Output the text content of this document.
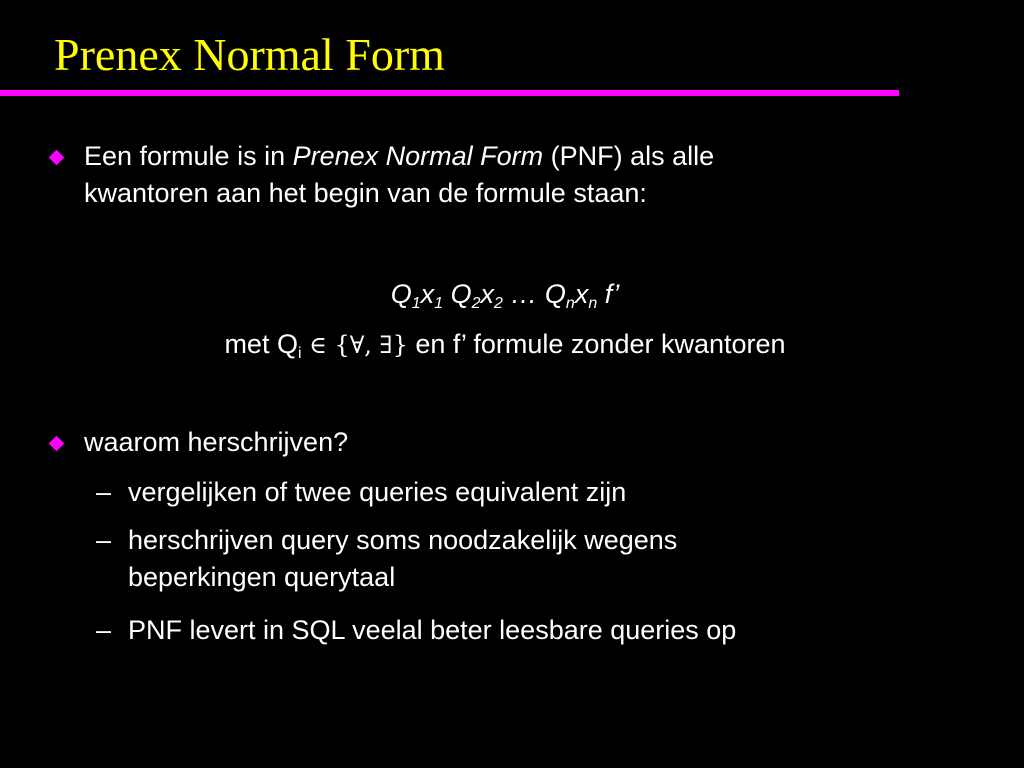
Prenex Normal Form
Een formule is in Prenex Normal Form (PNF) als alle
kwantoren aan het begin van de formule staan:
$Q_1x_1$ $Q_2x_2$ … $Q_nx_n$ f’
met $Q_i$ ∈ {∀, ∃} en f’ formule zonder kwantoren
waarom herschrijven?
– vergelijken of twee queries equivalent zijn
– herschrijven query soms noodzakelijk wegens
beperkingen querytaal
– PNF levert in SQL veelal beter leesbare queries op
